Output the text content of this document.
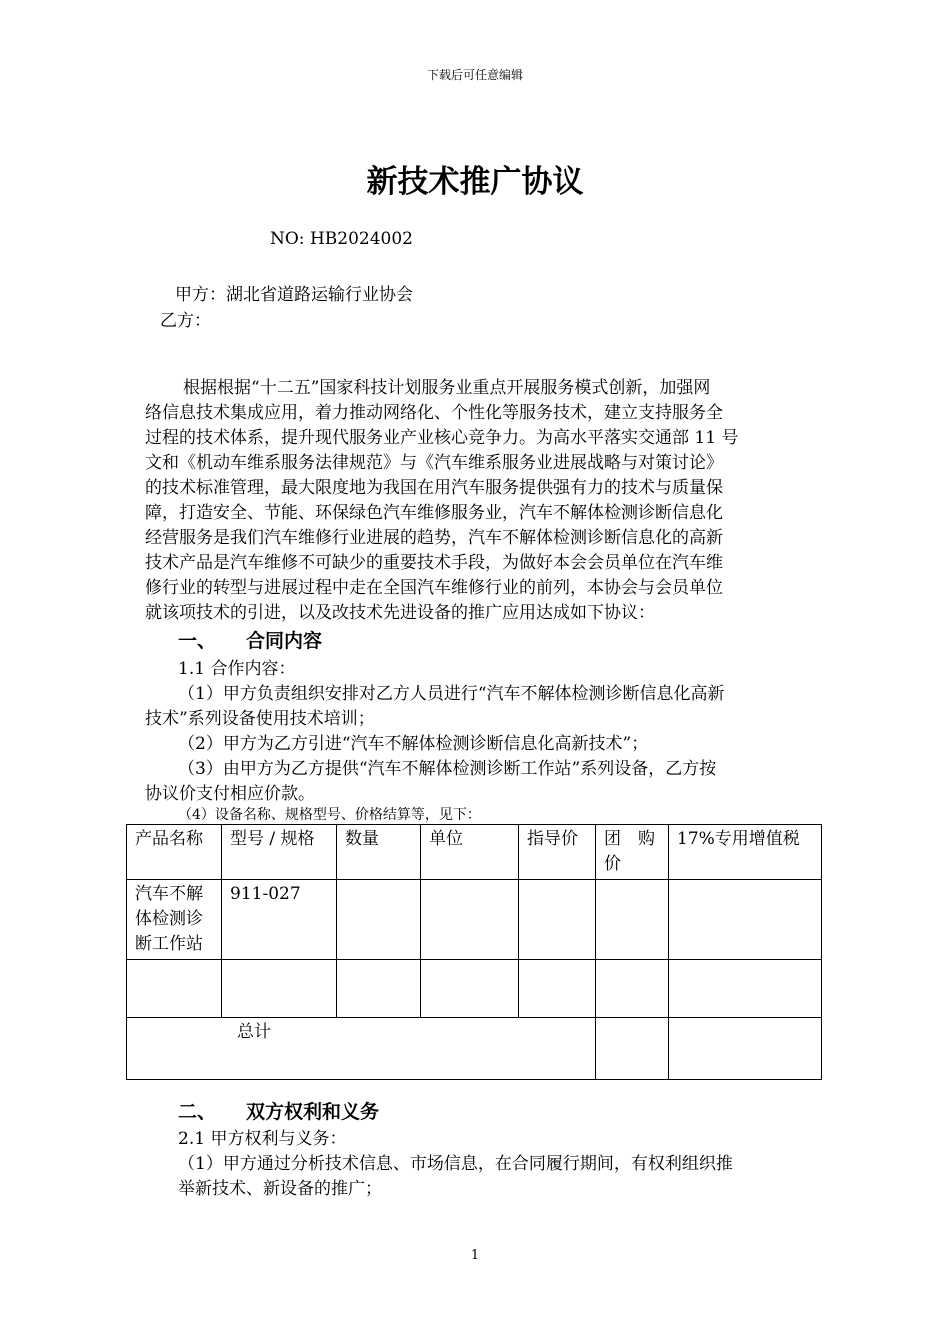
下载后可任意编辑
新技术推广协议
NO: HB2024002
甲方：湖北省道路运输行业协会
乙方：
根据根据“十二五”国家科技计划服务业重点开展服务模式创新，加强网
络信息技术集成应用，着力推动网络化、个性化等服务技术，建立支持服务全
过程的技术体系，提升现代服务业产业核心竞争力。为高水平落实交通部 11 号
文和《机动车维系服务法律规范》与《汽车维系服务业进展战略与对策讨论》
的技术标准管理，最大限度地为我国在用汽车服务提供强有力的技术与质量保
障，打造安全、节能、环保绿色汽车维修服务业，汽车不解体检测诊断信息化
经营服务是我们汽车维修行业进展的趋势，汽车不解体检测诊断信息化的高新
技术产品是汽车维修不可缺少的重要技术手段，为做好本会会员单位在汽车维
修行业的转型与进展过程中走在全国汽车维修行业的前列，本协会与会员单位
就该项技术的引进，以及改技术先进设备的推广应用达成如下协议：
一、 合同内容
1.1 合作内容：
（1）甲方负责组织安排对乙方人员进行“汽车不解体检测诊断信息化高新
技术”系列设备使用技术培训；
（2）甲方为乙方引进“汽车不解体检测诊断信息化高新技术”；
（3）由甲方为乙方提供“汽车不解体检测诊断工作站”系列设备，乙方按
协议价支付相应价款。
（4）设备名称、规格型号、价格结算等，见下：
产品名称	型号 / 规格	数量	单位	指导价	团　购价	17%专用增值税
汽车不解体检测诊断工作站	911-027					

总计						
二、 双方权利和义务
2.1 甲方权利与义务：
（1）甲方通过分析技术信息、市场信息，在合同履行期间，有权利组织推
举新技术、新设备的推广；
1
